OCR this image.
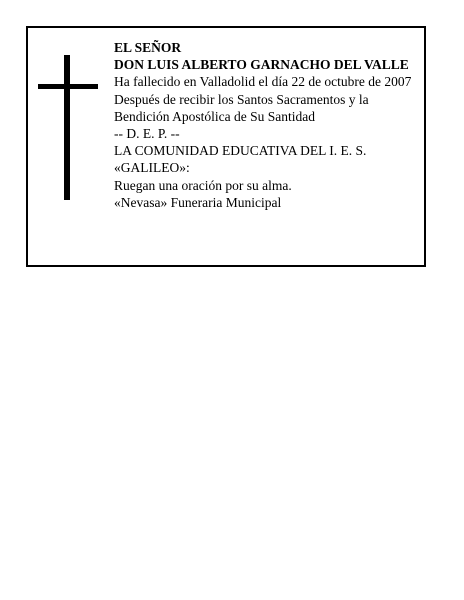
EL SEÑOR
DON LUIS ALBERTO GARNACHO DEL VALLE
Ha fallecido en Valladolid el día 22 de octubre de 2007
Después de recibir los Santos Sacramentos y la
Bendición Apostólica de Su Santidad
-- D. E. P. --
LA COMUNIDAD EDUCATIVA DEL I. E. S.
«GALILEO»:
Ruegan una oración por su alma.
«Nevasa» Funeraria Municipal
